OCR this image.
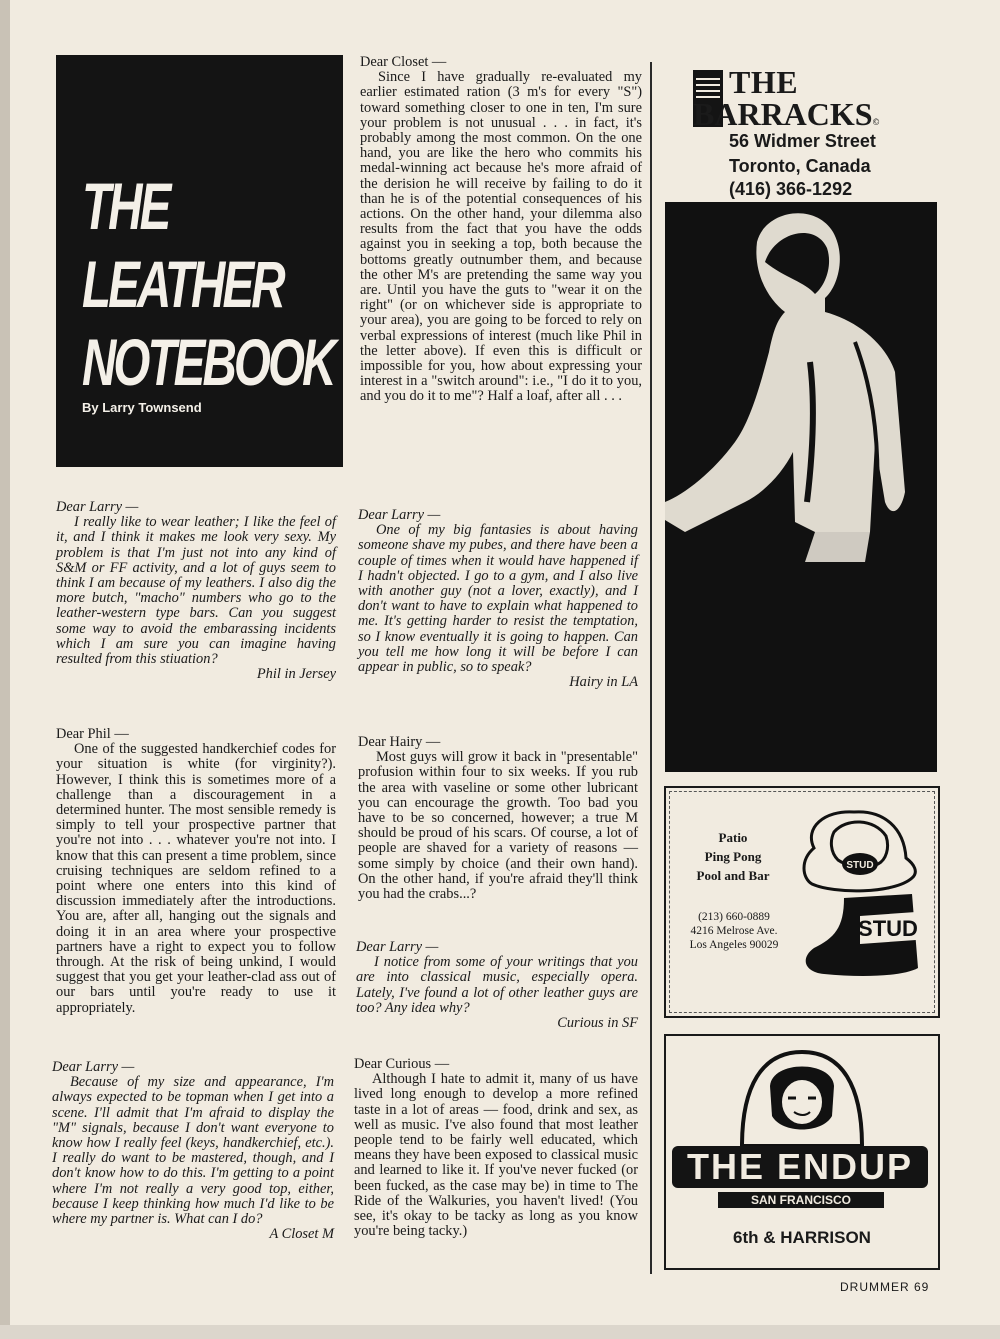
THE
LEATHER
NOTEBOOK
By Larry Townsend

Dear Larry —

I really like to wear leather; I like the feel of it, and I think it makes me look very sexy. My problem is that I'm just not into any kind of S&M or FF activity, and a lot of guys seem to think I am because of my leathers. I also dig the more butch, "macho" numbers who go to the leather-western type bars. Can you suggest some way to avoid the embarassing incidents which I am sure you can imagine having resulted from this stiuation?

Phil in Jersey

Dear Phil —

One of the suggested handkerchief codes for your situation is white (for virginity?). However, I think this is sometimes more of a challenge than a discouragement in a determined hunter. The most sensible remedy is simply to tell your prospective partner that you're not into . . . whatever you're not into. I know that this can present a time problem, since cruising techniques are seldom refined to a point where one enters into this kind of discussion immediately after the introductions. You are, after all, hanging out the signals and doing it in an area where your prospective partners have a right to expect you to follow through. At the risk of being unkind, I would suggest that you get your leather-clad ass out of our bars until you're ready to use it appropriately.

Dear Larry —

Because of my size and appearance, I'm always expected to be topman when I get into a scene. I'll admit that I'm afraid to display the "M" signals, because I don't want everyone to know how I really feel (keys, handkerchief, etc.). I really do want to be mastered, though, and I don't know how to do this. I'm getting to a point where I'm not really a very good top, either, because I keep thinking how much I'd like to be where my partner is. What can I do?

A Closet M

Dear Closet —

Since I have gradually re-evaluated my earlier estimated ration (3 m's for every "S") toward something closer to one in ten, I'm sure your problem is not unusual . . . in fact, it's probably among the most common. On the one hand, you are like the hero who commits his medal-winning act because he's more afraid of the derision he will receive by failing to do it than he is of the potential consequences of his actions. On the other hand, your dilemma also results from the fact that you have the odds against you in seeking a top, both because the bottoms greatly outnumber them, and because the other M's are pretending the same way you are. Until you have the guts to "wear it on the right" (or on whichever side is appropriate to your area), you are going to be forced to rely on verbal expressions of interest (much like Phil in the letter above). If even this is difficult or impossible for you, how about expressing your interest in a "switch around": i.e., "I do it to you, and you do it to me"? Half a loaf, after all . . .

Dear Larry —

One of my big fantasies is about having someone shave my pubes, and there have been a couple of times when it would have happened if I hadn't objected. I go to a gym, and I also live with another guy (not a lover, exactly), and I don't want to have to explain what happened to me. It's getting harder to resist the temptation, so I know eventually it is going to happen. Can you tell me how long it will be before I can appear in public, so to speak?

Hairy in LA

Dear Hairy —

Most guys will grow it back in "presentable" profusion within four to six weeks. If you rub the area with vaseline or some other lubricant you can encourage the growth. Too bad you have to be so concerned, however; a true M should be proud of his scars. Of course, a lot of people are shaved for a variety of reasons — some simply by choice (and their own hand). On the other hand, if you're afraid they'll think you had the crabs...?

Dear Larry —

I notice from some of your writings that you are into classical music, especially opera. Lately, I've found a lot of other leather guys are too? Any idea why?

Curious in SF

Dear Curious —

Although I hate to admit it, many of us have lived long enough to develop a more refined taste in a lot of areas — food, drink and sex, as well as music. I've also found that most leather people tend to be fairly well educated, which means they have been exposed to classical music and learned to like it. If you've never fucked (or been fucked, as the case may be) in time to The Ride of the Walkuries, you haven't lived! (You see, it's okay to be tacky as long as you know you're being tacky.)

THE
BARRACKS©
56 Widmer Street
Toronto, Canada
(416) 366-1292
Patio
Ping Pong
Pool and Bar
(213) 660-0889
4216 Melrose Ave.
Los Angeles 90029
STUD
STUD
THE ENDUP
SAN FRANCISCO
6th & HARRISON
DRUMMER 69
